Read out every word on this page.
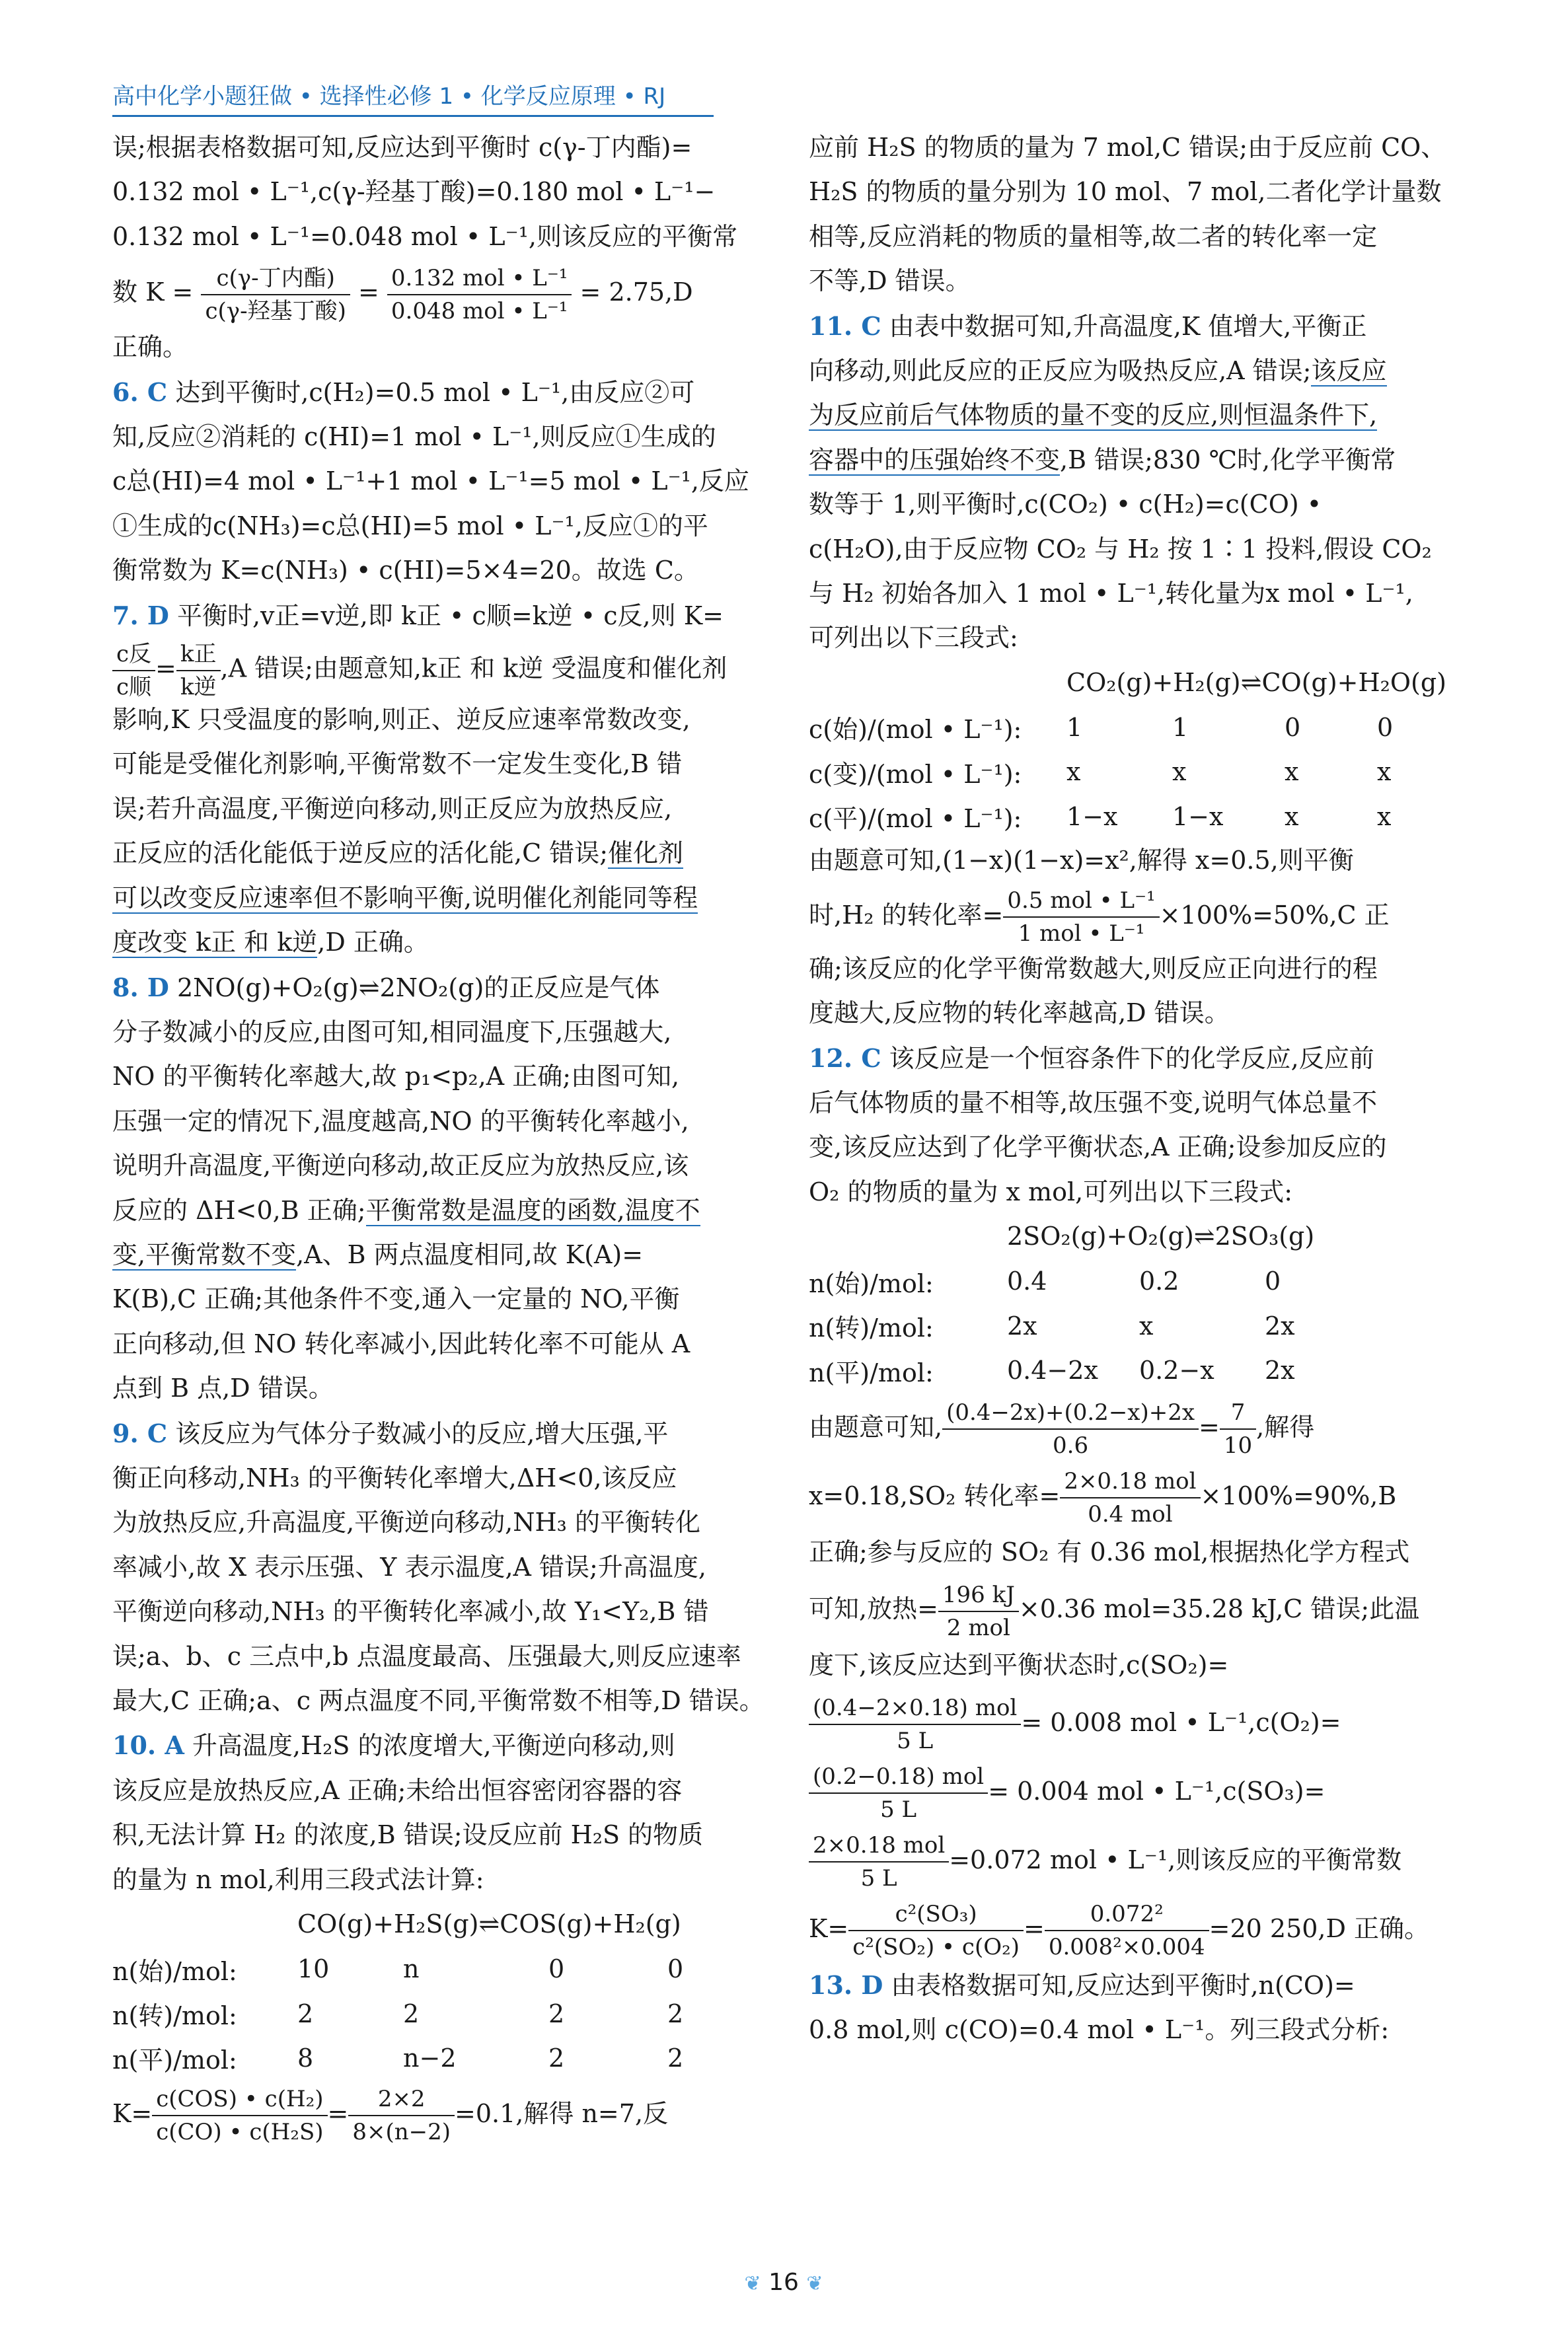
高中化学小题狂做 • 选择性必修 1 • 化学反应原理 • RJ

误;根据表格数据可知,反应达到平衡时 c(γ-丁内酯)=

0.132 mol • L⁻¹,c(γ-羟基丁酸)=0.180 mol • L⁻¹−

0.132 mol • L⁻¹=0.048 mol • L⁻¹,则该反应的平衡常

数 $K = \frac{\text{c(γ-丁内酯)}}{\text{c(γ-羟基丁酸)}} = \frac{\text{0.132 mol • L⁻¹}}{\text{0.048 mol • L⁻¹}} = 2.75,D$

正确。

6. C 达到平衡时,c(H₂)=0.5 mol • L⁻¹,由反应②可

知,反应②消耗的 c(HI)=1 mol • L⁻¹,则反应①生成的

c总(HI)=4 mol • L⁻¹+1 mol • L⁻¹=5 mol • L⁻¹,反应

①生成的c(NH₃)=c总(HI)=5 mol • L⁻¹,反应①的平

衡常数为 K=c(NH₃) • c(HI)=5×4=20。故选 C。

7. D 平衡时,v正=v逆,即 k正 • c顺=k逆 • c反,则 K=

$\frac{\text{c反}}{\text{c顺}} = \frac{\text{k正}}{\text{k逆}} ,A$ 错误;由题意知,k正 和 k逆 受温度和催化剂

影响,K 只受温度的影响,则正、逆反应速率常数改变,

可能是受催化剂影响,平衡常数不一定发生变化,B 错

误;若升高温度,平衡逆向移动,则正反应为放热反应,

正反应的活化能低于逆反应的活化能,C 错误;催化剂

可以改变反应速率但不影响平衡,说明催化剂能同等程

度改变 k正 和 k逆,D 正确。

8. D 2NO(g)+O₂(g)⇌2NO₂(g)的正反应是气体

分子数减小的反应,由图可知,相同温度下,压强越大,

NO 的平衡转化率越大,故 p₁<p₂,A 正确;由图可知,

压强一定的情况下,温度越高,NO 的平衡转化率越小,

说明升高温度,平衡逆向移动,故正反应为放热反应,该

反应的 ΔH<0,B 正确;平衡常数是温度的函数,温度不

变,平衡常数不变,A、B 两点温度相同,故 K(A)=

K(B),C 正确;其他条件不变,通入一定量的 NO,平衡

正向移动,但 NO 转化率减小,因此转化率不可能从 A

点到 B 点,D 错误。

9. C 该反应为气体分子数减小的反应,增大压强,平

衡正向移动,NH₃ 的平衡转化率增大,ΔH<0,该反应

为放热反应,升高温度,平衡逆向移动,NH₃ 的平衡转化

率减小,故 X 表示压强、Y 表示温度,A 错误;升高温度,

平衡逆向移动,NH₃ 的平衡转化率减小,故 Y₁<Y₂,B 错

误;a、b、c 三点中,b 点温度最高、压强最大,则反应速率

最大,C 正确;a、c 两点温度不同,平衡常数不相等,D 错误。

10. A 升高温度,H₂S 的浓度增大,平衡逆向移动,则

该反应是放热反应,A 正确;未给出恒容密闭容器的容

积,无法计算 H₂ 的浓度,B 错误;设反应前 H₂S 的物质

的量为 n mol,利用三段式法计算:

CO(g)+H₂S(g)⇌COS(g)+H₂(g)

n(始)/mol:	10	n	0	0
n(转)/mol:	2	2	2	2
n(平)/mol:	8	n−2	2	2

$K= \frac{\text{c(COS) • c(H₂)}}{\text{c(CO) • c(H₂S)}} = \frac{2\times 2}{8\times(n-2)} =0.1$,解得 n=7,反

应前 H₂S 的物质的量为 7 mol,C 错误;由于反应前 CO、

H₂S 的物质的量分别为 10 mol、7 mol,二者化学计量数

相等,反应消耗的物质的量相等,故二者的转化率一定

不等,D 错误。

11. C 由表中数据可知,升高温度,K 值增大,平衡正

向移动,则此反应的正反应为吸热反应,A 错误;该反应

为反应前后气体物质的量不变的反应,则恒温条件下,

容器中的压强始终不变,B 错误;830 ℃时,化学平衡常

数等于 1,则平衡时,c(CO₂) • c(H₂)=c(CO) •

c(H₂O),由于反应物 CO₂ 与 H₂ 按 1∶1 投料,假设 CO₂

与 H₂ 初始各加入 1 mol • L⁻¹,转化量为x mol • L⁻¹,

可列出以下三段式:

CO₂(g)+H₂(g)⇌CO(g)+H₂O(g)

c(始)/(mol • L⁻¹):	1	1	0	0
c(变)/(mol • L⁻¹):	x	x	x	x
c(平)/(mol • L⁻¹):	1−x	1−x	x	x

由题意可知,(1−x)(1−x)=x²,解得 x=0.5,则平衡

时,H₂ 的转化率= $\frac{\text{0.5 mol • L⁻¹}}{\text{1 mol • L⁻¹}} \times 100\%=50\%,C$ 正

确;该反应的化学平衡常数越大,则反应正向进行的程

度越大,反应物的转化率越高,D 错误。

12. C 该反应是一个恒容条件下的化学反应,反应前

后气体物质的量不相等,故压强不变,说明气体总量不

变,该反应达到了化学平衡状态,A 正确;设参加反应的

O₂ 的物质的量为 x mol,可列出以下三段式:

2SO₂(g)+O₂(g)⇌2SO₃(g)

n(始)/mol:	0.4	0.2	0
n(转)/mol:	2x	x	2x
n(平)/mol:	0.4−2x	0.2−x	2x

由题意可知, $\frac{(0.4-2x)+(0.2-x)+2x}{0.6} = \frac{7}{10}$ ,解得

x=0.18,SO₂ 转化率= $\frac{\text{2×0.18 mol}}{\text{0.4 mol}} \times 100\%=90\%,B$

正确;参与反应的 SO₂ 有 0.36 mol,根据热化学方程式

可知,放热= $\frac{196 kJ}{\text{2 mol}} \times 0.36$ mol=35.28 kJ,C 错误;此温

度下,该反应达到平衡状态时,c(SO₂)=

$\frac{\text{(0.4−2×0.18) mol}}{5 L} = 0.008$ mol • L⁻¹,c(O₂)=

$\frac{\text{(0.2−0.18) mol}}{5 L} = 0.004$ mol • L⁻¹,c(SO₃)=

$\frac{\text{2×0.18 mol}}{5 L} =0.072$ mol • L⁻¹,则该反应的平衡常数

$K= \frac{\text{c²(SO₃)}}{\text{c²(SO₂) • c(O₂)}} = \frac{\text{0.072²}}{\text{0.008²×0.004}} =20$ 250,D 正确。

13. D 由表格数据可知,反应达到平衡时,n(CO)=

0.8 mol,则 c(CO)=0.4 mol • L⁻¹。列三段式分析:

❦ 16 ❦
